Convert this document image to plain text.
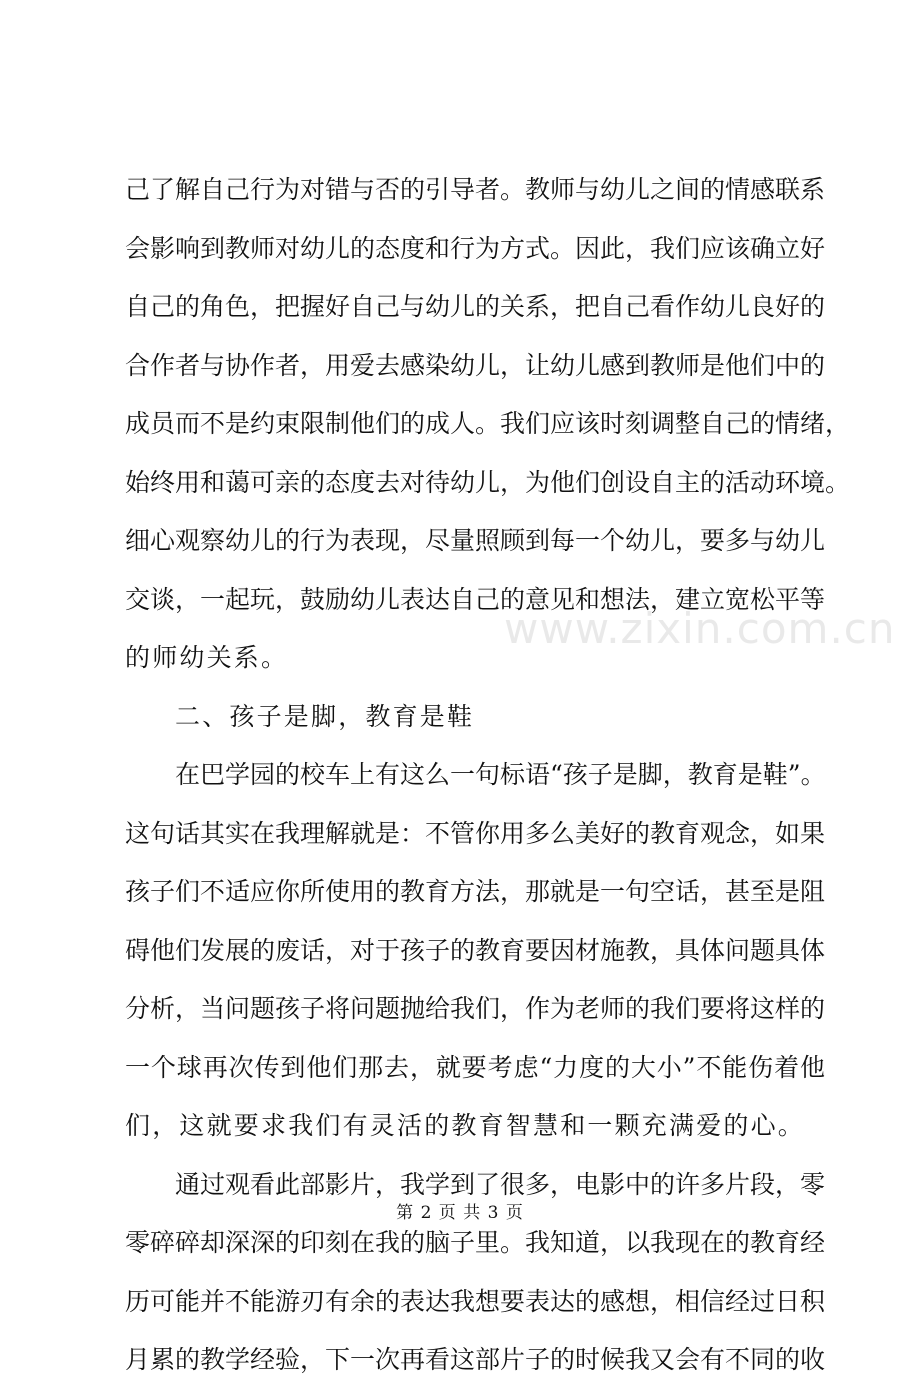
www.zixin.com.cn
己了解自己行为对错与否的引导者。教师与幼儿之间的情感联系
会影响到教师对幼儿的态度和行为方式。因此，我们应该确立好
自己的角色，把握好自己与幼儿的关系，把自己看作幼儿良好的
合作者与协作者，用爱去感染幼儿，让幼儿感到教师是他们中的
成员而不是约束限制他们的成人。我们应该时刻调整自己的情绪，
始终用和蔼可亲的态度去对待幼儿，为他们创设自主的活动环境。
细心观察幼儿的行为表现，尽量照顾到每一个幼儿，要多与幼儿
交谈，一起玩，鼓励幼儿表达自己的意见和想法，建立宽松平等
的师幼关系。
二、孩子是脚，教育是鞋
在巴学园的校车上有这么一句标语“孩子是脚，教育是鞋”。
这句话其实在我理解就是：不管你用多么美好的教育观念，如果
孩子们不适应你所使用的教育方法，那就是一句空话，甚至是阻
碍他们发展的废话，对于孩子的教育要因材施教，具体问题具体
分析，当问题孩子将问题抛给我们，作为老师的我们要将这样的
一个球再次传到他们那去，就要考虑“力度的大小”不能伤着他
们，这就要求我们有灵活的教育智慧和一颗充满爱的心。
通过观看此部影片，我学到了很多，电影中的许多片段，零
零碎碎却深深的印刻在我的脑子里。我知道，以我现在的教育经
历可能并不能游刃有余的表达我想要表达的感想，相信经过日积
月累的教学经验，下一次再看这部片子的时候我又会有不同的收
第 2 页 共 3 页
